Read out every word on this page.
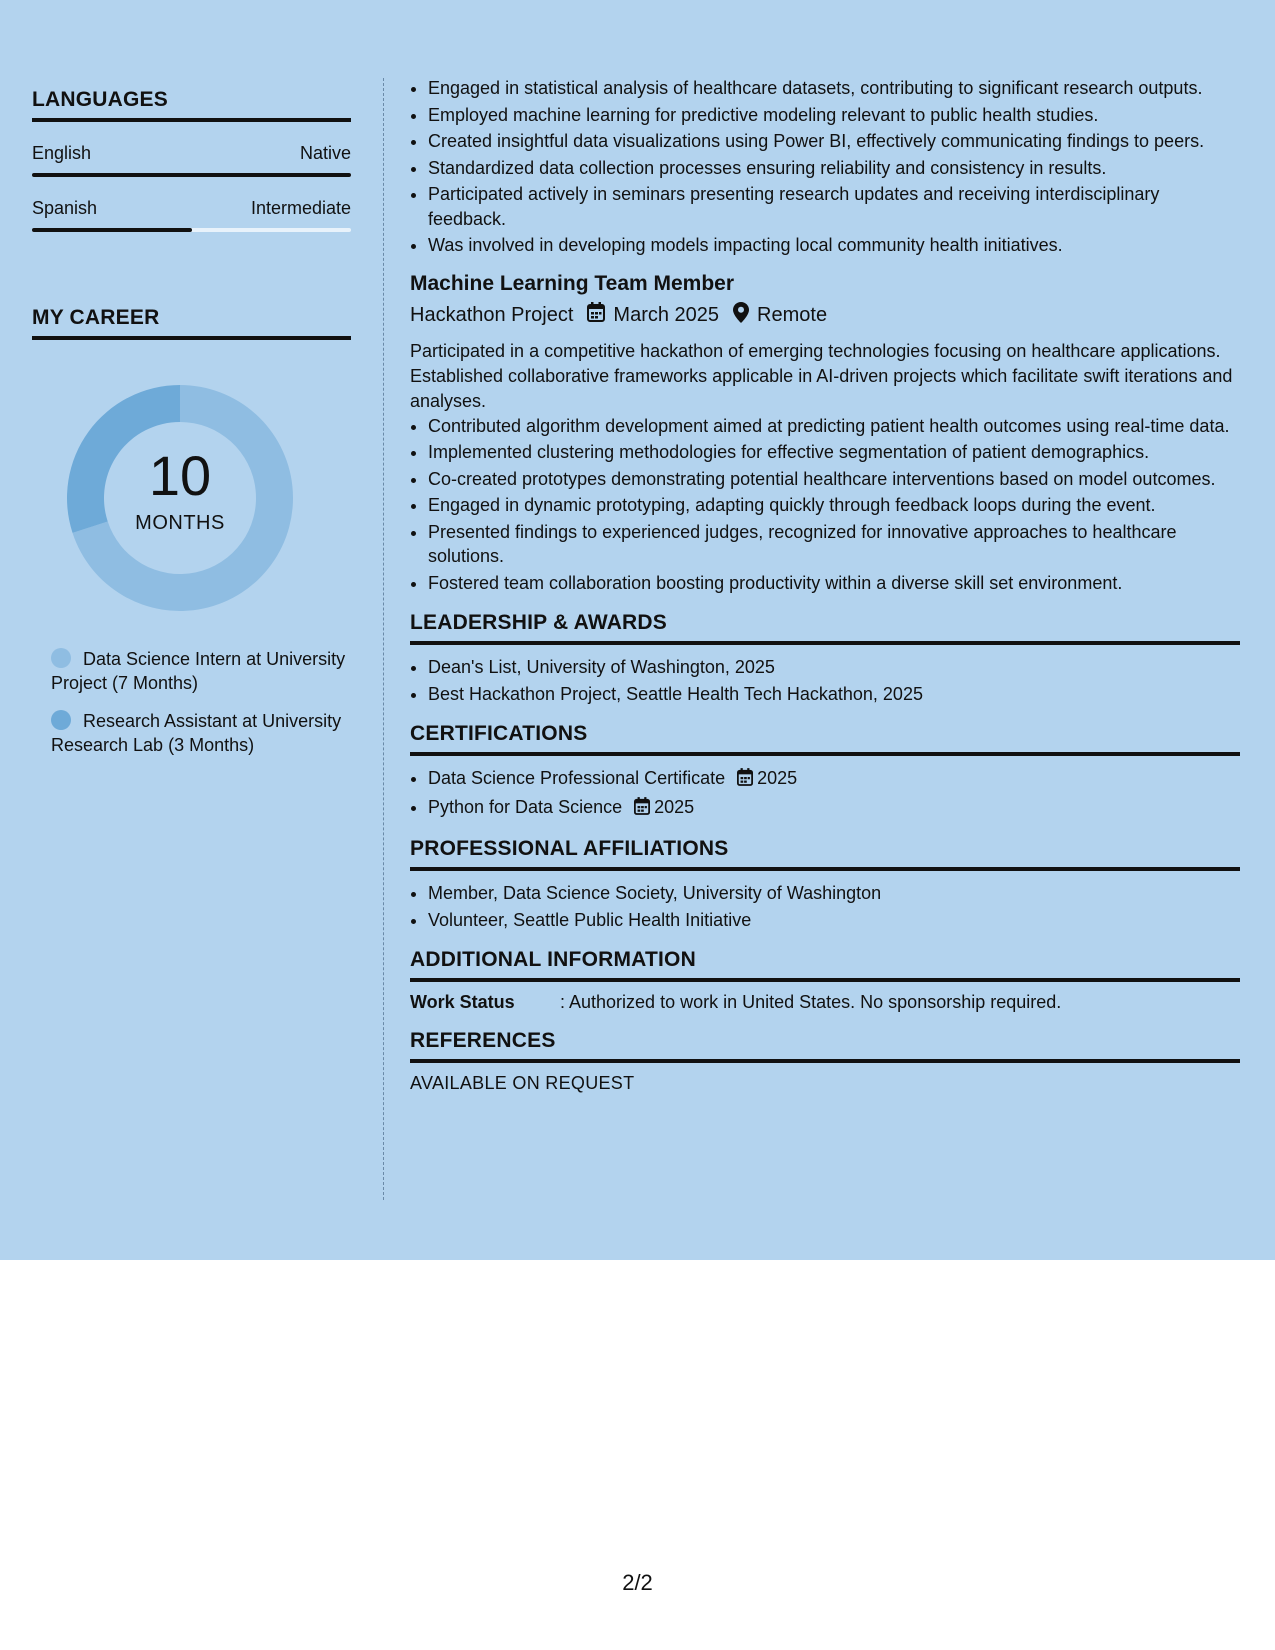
LANGUAGES
English	Native
Spanish	Intermediate
MY CAREER
10
MONTHS
Data Science Intern at University Project (7 Months)
Research Assistant at University Research Lab (3 Months)
• Engaged in statistical analysis of healthcare datasets, contributing to significant research outputs.
• Employed machine learning for predictive modeling relevant to public health studies.
• Created insightful data visualizations using Power BI, effectively communicating findings to peers.
• Standardized data collection processes ensuring reliability and consistency in results.
• Participated actively in seminars presenting research updates and receiving interdisciplinary feedback.
• Was involved in developing models impacting local community health initiatives.
Machine Learning Team Member
Hackathon Project March 2025 Remote
Participated in a competitive hackathon of emerging technologies focusing on healthcare applications. Established collaborative frameworks applicable in AI-driven projects which facilitate swift iterations and analyses.
• Contributed algorithm development aimed at predicting patient health outcomes using real-time data.
• Implemented clustering methodologies for effective segmentation of patient demographics.
• Co-created prototypes demonstrating potential healthcare interventions based on model outcomes.
• Engaged in dynamic prototyping, adapting quickly through feedback loops during the event.
• Presented findings to experienced judges, recognized for innovative approaches to healthcare solutions.
• Fostered team collaboration boosting productivity within a diverse skill set environment.
LEADERSHIP & AWARDS
• Dean's List, University of Washington, 2025
• Best Hackathon Project, Seattle Health Tech Hackathon, 2025
CERTIFICATIONS
• Data Science Professional Certificate 2025
• Python for Data Science 2025
PROFESSIONAL AFFILIATIONS
• Member, Data Science Society, University of Washington
• Volunteer, Seattle Public Health Initiative
ADDITIONAL INFORMATION
Work Status	: Authorized to work in United States. No sponsorship required.
REFERENCES
AVAILABLE ON REQUEST
2/2
